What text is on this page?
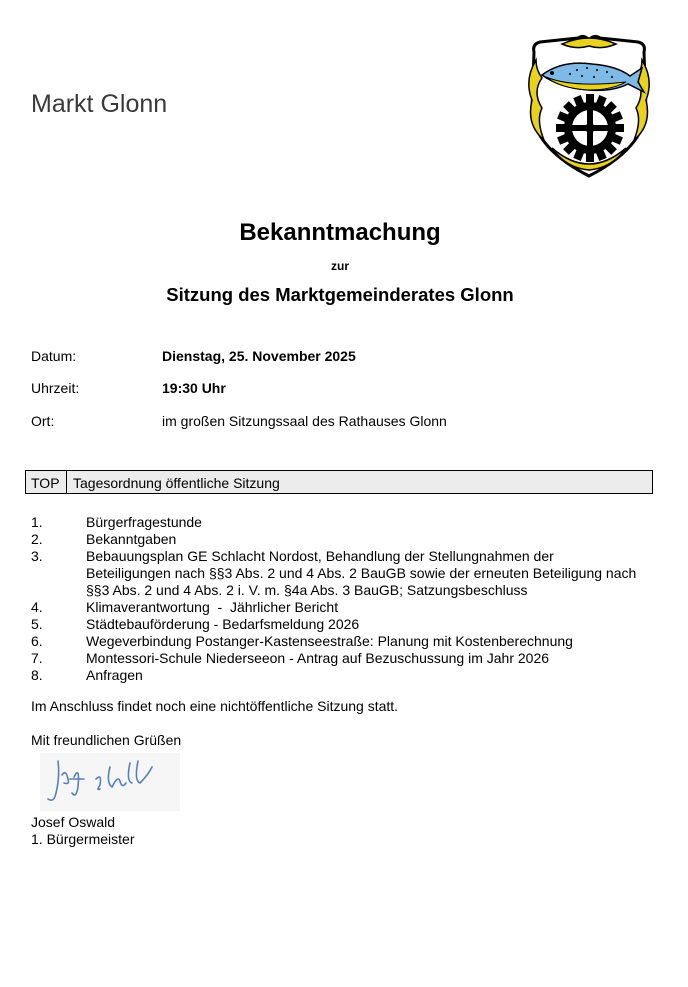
Markt Glonn
Bekanntmachung
zur
Sitzung des Marktgemeinderates Glonn
Datum:	Dienstag, 25. November 2025
Uhrzeit:	19:30 Uhr
Ort:	im großen Sitzungssaal des Rathauses Glonn
TOP Tagesordnung öffentliche Sitzung
1.	Bürgerfragestunde
2.	Bekanntgaben
3.	Bebauungsplan GE Schlacht Nordost, Behandlung der Stellungnahmen der Beteiligungen nach §§3 Abs. 2 und 4 Abs. 2 BauGB sowie der erneuten Beteiligung nach §§3 Abs. 2 und 4 Abs. 2 i. V. m. §4a Abs. 3 BauGB; Satzungsbeschluss
4.	Klimaverantwortung  -  Jährlicher Bericht
5.	Städtebauförderung - Bedarfsmeldung 2026
6.	Wegeverbindung Postanger-Kastenseestraße: Planung mit Kostenberechnung
7.	Montessori-Schule Niederseeon - Antrag auf Bezuschussung im Jahr 2026
8.	Anfragen
Im Anschluss findet noch eine nichtöffentliche Sitzung statt.
Mit freundlichen Grüßen
Josef Oswald
1. Bürgermeister
